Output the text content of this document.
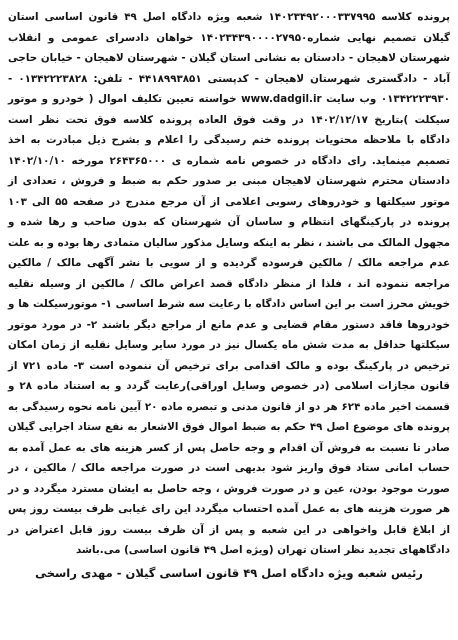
پرونده کلاسه ۱۴۰۲۳۴۹۲۰۰۰۳۳۷۹۹۵ شعبه ویژه دادگاه اصل ۴۹ قانون اساسی استان گیلان تصمیم نهایی شماره۱۴۰۲۳۴۳۹۰۰۰۰۲۷۹۵۰ خواهان دادسرای عمومی و انقلاب شهرستان لاهیجان - دادستان به نشانی استان گیلان - شهرستان لاهیجان - خیابان حاجی آباد - دادگستری شهرستان لاهیجان - کدپستی ۴۴۱۸۹۹۳۸۵۱ - تلفن: ۰۱۳۴۲۲۲۳۸۲۸ - ۰۱۳۴۲۲۲۳۹۳۰ وب سایت www.dadgil.ir خواسته تعیین تکلیف اموال ( خودرو و موتور سیکلت )بتاریخ ۱۴۰۲/۱۲/۱۷ در وقت فوق العاده پرونده کلاسه فوق تحت نظر است دادگاه با ملاحظه محتویات پرونده ختم رسیدگی را اعلام و بشرح ذیل مبادرت به اخذ تصمیم مینماید. رای دادگاه در خصوص نامه شماره ی ۲۶۴۳۶۵۰۰۰ مورخه ۱۴۰۲/۱۰/۱۰ دادستان محترم شهرستان لاهیجان مبنی بر صدور حکم به ضبط و فروش ، تعدادی از موتور سیکلتها و خودروهای رسوبی اعلامی از آن مرجع مندرج در صفحه ۵۵ الی ۱۰۳ پرونده در پارکینگهای انتظام و ساسان آن شهرستان که بدون صاحب و رها شده و مجهول المالک می باشند ، نظر به اینکه وسایل مذکور سالیان متمادی رها بوده و به علت عدم مراجعه مالک / مالکین فرسوده گردیده و از سویی با نشر آگهی مالک / مالکین مراجعه ننموده اند ، فلذا از منظر دادگاه قصد اعراض مالک / مالکین از وسیله نقلیه خویش محرز است بر این اساس دادگاه با رعایت سه شرط اساسی ۱- موتورسیکلت ها و خودروها فاقد دستور مقام قضایی و عدم مانع از مراجع دیگر باشند ۲- در مورد موتور سیکلتها حداقل به مدت شش ماه یکسال نیز در مورد سایر وسایل نقلیه از زمان امکان ترخیص در پارکینگ بوده و مالک اقدامی برای ترخیص آن ننموده است ۳- ماده ۷۲۱ از قانون مجازات اسلامی (در خصوص وسایل اوراقی)رعایت گردد و به استناد ماده ۲۸ و قسمت اخیر ماده ۶۲۴ هر دو از قانون مدنی و تبصره ماده ۲۰ آیین نامه نحوه رسیدگی به پرونده های موضوع اصل ۴۹ حکم به ضبط اموال فوق الاشعار به نفع ستاد اجرایی گیلان صادر تا نسبت به فروش آن اقدام و وجه حاصل پس از کسر هزینه های به عمل آمده به حساب امانی ستاد فوق واریز شود بدیهی است در صورت مراجعه مالک / مالکین ، در صورت موجود بودن، عین و در صورت فروش ، وجه حاصل به ایشان مسترد میگردد و در هر صورت هزینه های به عمل آمده احتساب میگردد این رای غیابی ظرف بیست روز پس از ابلاغ قابل واخواهی در این شعبه و پس از آن ظرف بیست روز قابل اعتراض در دادگاههای تجدید نظر استان تهران (ویژه اصل ۴۹ قانون اساسی) می.باشد

رئیس شعبه ویژه دادگاه اصل ۴۹ قانون اساسی گیلان - مهدی راسخی
